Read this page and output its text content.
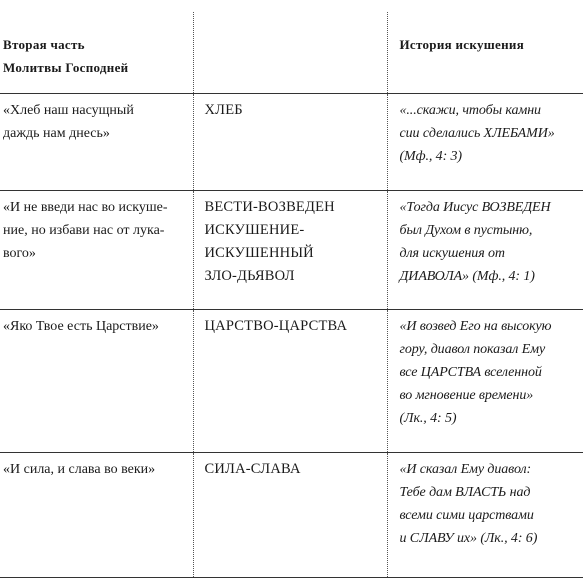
Вторая часть
Молитвы Господней		История искушения

«Хлеб наш насущный
даждь нам днесь»	ХЛЕБ	«...скажи, чтобы камни
сии сделались ХЛЕБАМИ»
(Мф., 4: 3)

«И не введи нас во искуше-
ние, но избави нас от лука-
вого»	ВЕСТИ-ВОЗВЕДЕН
ИСКУШЕНИЕ-
ИСКУШЕННЫЙ
ЗЛО-ДЬЯВОЛ	«Тогда Иисус ВОЗВЕДЕН
был Духом в пустыню,
для искушения от
ДИАВОЛА» (Мф., 4: 1)

«Яко Твое есть Царствие»	ЦАРСТВО-ЦАРСТВА	«И возвед Его на высокую
гору, диавол показал Ему
все ЦАРСТВА вселенной
во мгновение времени»
(Лк., 4: 5)

«И сила, и слава во веки»	СИЛА-СЛАВА	«И сказал Ему диавол:
Тебе дам ВЛАСТЬ над
всеми сими царствами
и СЛАВУ их» (Лк., 4: 6)
